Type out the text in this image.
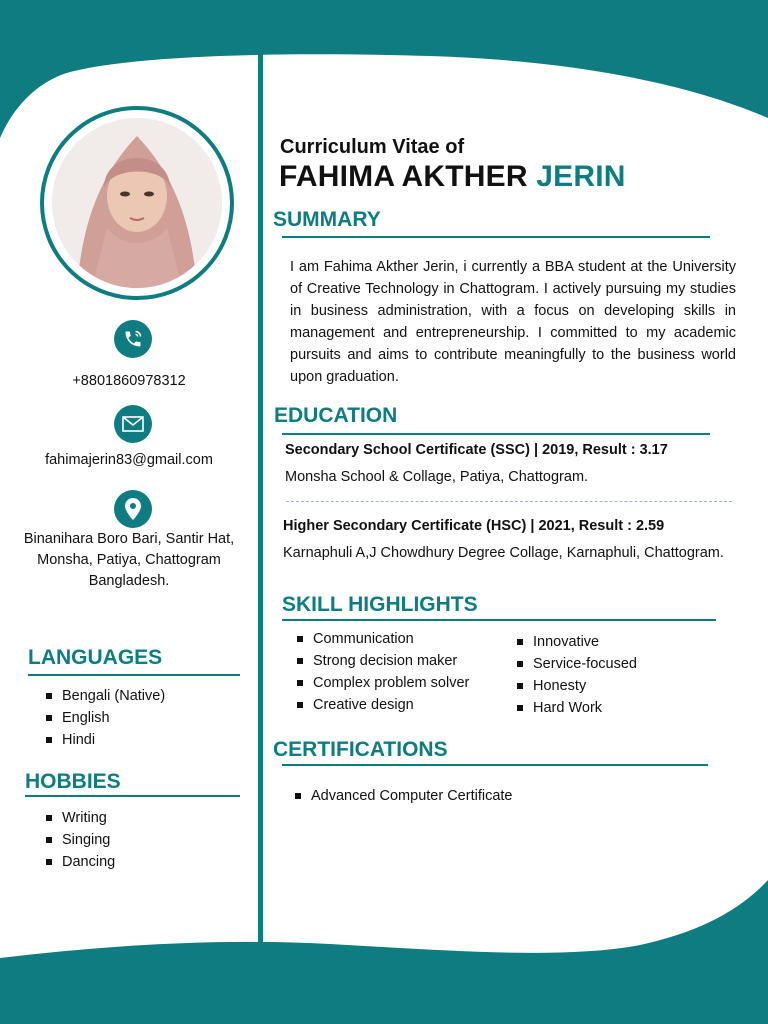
+8801860978312
fahimajerin83@gmail.com
Binanihara Boro Bari, Santir Hat,
Monsha, Patiya, Chattogram
Bangladesh.
LANGUAGES
Bengali (Native)
English
Hindi
HOBBIES
Writing
Singing
Dancing
Curriculum Vitae of
FAHIMA AKTHER JERIN
SUMMARY
I am Fahima Akther Jerin, i currently a BBA student at the University of Creative Technology in Chattogram. I actively pursuing my studies in business administration, with a focus on developing skills in management and entrepreneurship. I committed to my academic pursuits and aims to contribute meaningfully to the business world upon graduation.
EDUCATION
Secondary School Certificate (SSC) | 2019, Result : 3.17
Monsha School & Collage, Patiya, Chattogram.
Higher Secondary Certificate (HSC) | 2021, Result : 2.59
Karnaphuli A,J Chowdhury Degree Collage, Karnaphuli, Chattogram.
SKILL HIGHLIGHTS
Communication
Strong decision maker
Complex problem solver
Creative design
Innovative
Service-focused
Honesty
Hard Work
CERTIFICATIONS
Advanced Computer Certificate
